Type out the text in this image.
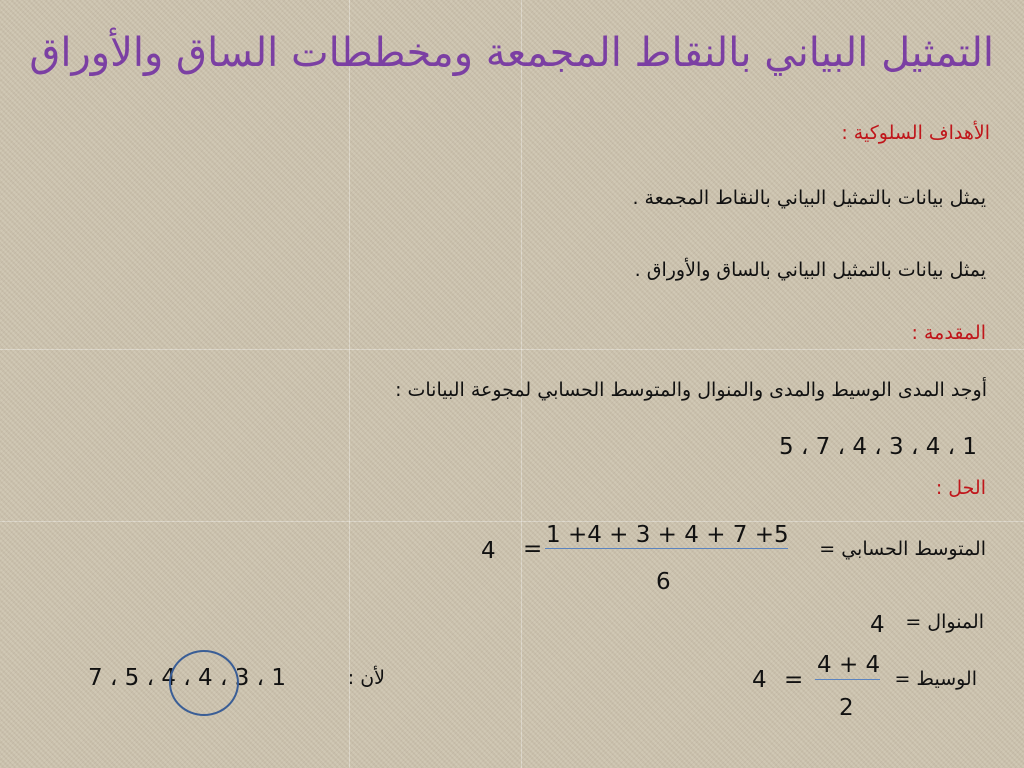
التمثيل البياني بالنقاط المجمعة ومخططات الساق والأوراق
الأهداف السلوكية :
يمثل بيانات بالتمثيل البياني بالنقاط المجمعة .
يمثل بيانات بالتمثيل البياني بالساق والأوراق .
المقدمة :
أوجد المدى الوسيط والمدى والمنوال والمتوسط الحسابي لمجوعة البيانات :
5 ، 7 ، 4 ، 3 ، 4 ، 1
الحل :
المتوسط الحسابي =
1 +4 + 3 + 4 + 7 +5
6
=
4
المنوال =
4
الوسيط =
4 + 4
2
=
4
لأن :
7 ، 5 ، 4 ، 4 ، 3 ، 1
